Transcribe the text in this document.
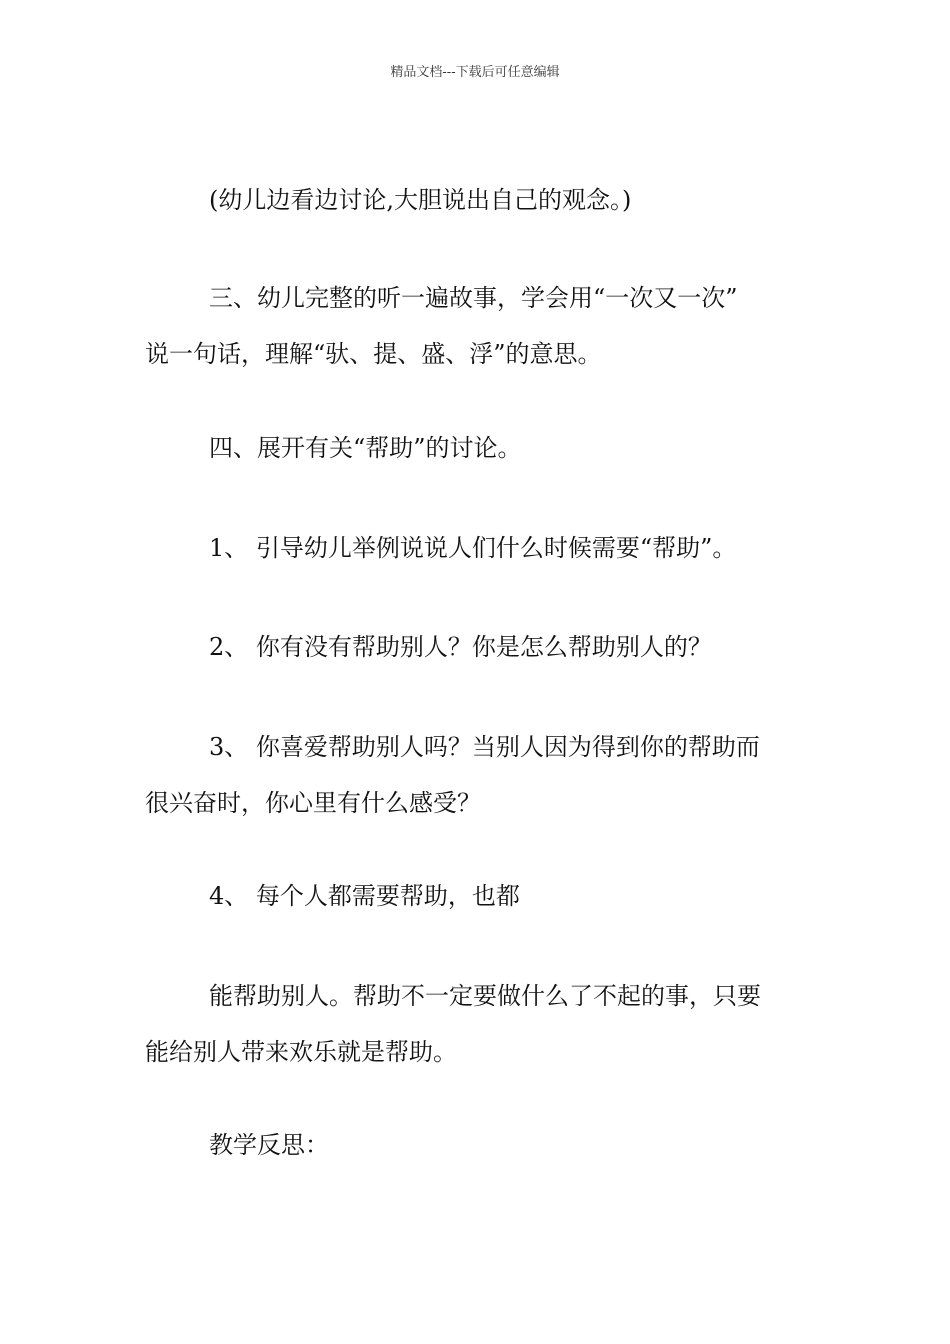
精品文档---下载后可任意编辑
(幼儿边看边讨论,大胆说出自己的观念。)
三、幼儿完整的听一遍故事，学会用“一次又一次”
说一句话，理解“驮、提、盛、浮”的意思。
四、展开有关“帮助”的讨论。
1、 引导幼儿举例说说人们什么时候需要“帮助”。
2、 你有没有帮助别人？你是怎么帮助别人的？
3、 你喜爱帮助别人吗？当别人因为得到你的帮助而
很兴奋时，你心里有什么感受？
4、 每个人都需要帮助，也都
能帮助别人。帮助不一定要做什么了不起的事，只要
能给别人带来欢乐就是帮助。
教学反思：
